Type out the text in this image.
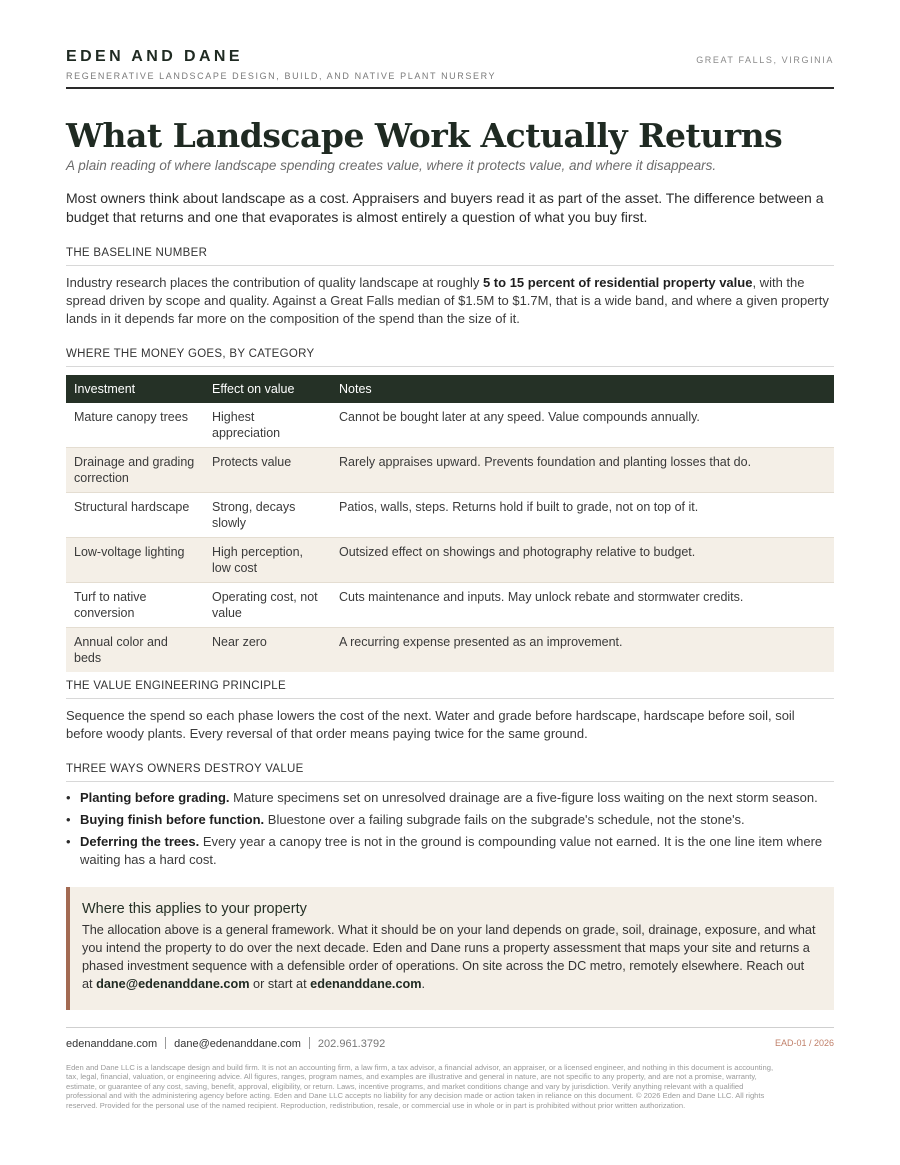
EDEN AND DANE
REGENERATIVE LANDSCAPE DESIGN, BUILD, AND NATIVE PLANT NURSERY
GREAT FALLS, VIRGINIA
What Landscape Work Actually Returns
A plain reading of where landscape spending creates value, where it protects value, and where it disappears.

Most owners think about landscape as a cost. Appraisers and buyers read it as part of the asset. The difference between a budget that returns and one that evaporates is almost entirely a question of what you buy first.

THE BASELINE NUMBER

Industry research places the contribution of quality landscape at roughly 5 to 15 percent of residential property value, with the spread driven by scope and quality. Against a Great Falls median of $1.5M to $1.7M, that is a wide band, and where a given property lands in it depends far more on the composition of the spend than the size of it.

WHERE THE MONEY GOES, BY CATEGORY
Investment	Effect on value	Notes
Mature canopy trees	Highest appreciation	Cannot be bought later at any speed. Value compounds annually.
Drainage and grading correction	Protects value	Rarely appraises upward. Prevents foundation and planting losses that do.
Structural hardscape	Strong, decays slowly	Patios, walls, steps. Returns hold if built to grade, not on top of it.
Low-voltage lighting	High perception, low cost	Outsized effect on showings and photography relative to budget.
Turf to native conversion	Operating cost, not value	Cuts maintenance and inputs. May unlock rebate and stormwater credits.
Annual color and beds	Near zero	A recurring expense presented as an improvement.
THE VALUE ENGINEERING PRINCIPLE

Sequence the spend so each phase lowers the cost of the next. Water and grade before hardscape, hardscape before soil, soil before woody plants. Every reversal of that order means paying twice for the same ground.

THREE WAYS OWNERS DESTROY VALUE
• Planting before grading. Mature specimens set on unresolved drainage are a five-figure loss waiting on the next storm season.
• Buying finish before function. Bluestone over a failing subgrade fails on the subgrade's schedule, not the stone's.
• Deferring the trees. Every year a canopy tree is not in the ground is compounding value not earned. It is the one line item where waiting has a hard cost.
Where this applies to your property

The allocation above is a general framework. What it should be on your land depends on grade, soil, drainage, exposure, and what you intend the property to do over the next decade. Eden and Dane runs a property assessment that maps your site and returns a phased investment sequence with a defensible order of operations. On site across the DC metro, remotely elsewhere. Reach out at dane@edenanddane.com or start at edenanddane.com.

edenanddane.com dane@edenanddane.com 202.961.3792	EAD-01 / 2026

Eden and Dane LLC is a landscape design and build firm. It is not an accounting firm, a law firm, a tax advisor, a financial advisor, an appraiser, or a licensed engineer, and nothing in this document is accounting, tax, legal, financial, valuation, or engineering advice. All figures, ranges, program names, and examples are illustrative and general in nature, are not specific to any property, and are not a promise, warranty, estimate, or guarantee of any cost, saving, benefit, approval, eligibility, or return. Laws, incentive programs, and market conditions change and vary by jurisdiction. Verify anything relevant with a qualified professional and with the administering agency before acting. Eden and Dane LLC accepts no liability for any decision made or action taken in reliance on this document. © 2026 Eden and Dane LLC. All rights reserved. Provided for the personal use of the named recipient. Reproduction, redistribution, resale, or commercial use in whole or in part is prohibited without prior written authorization.
